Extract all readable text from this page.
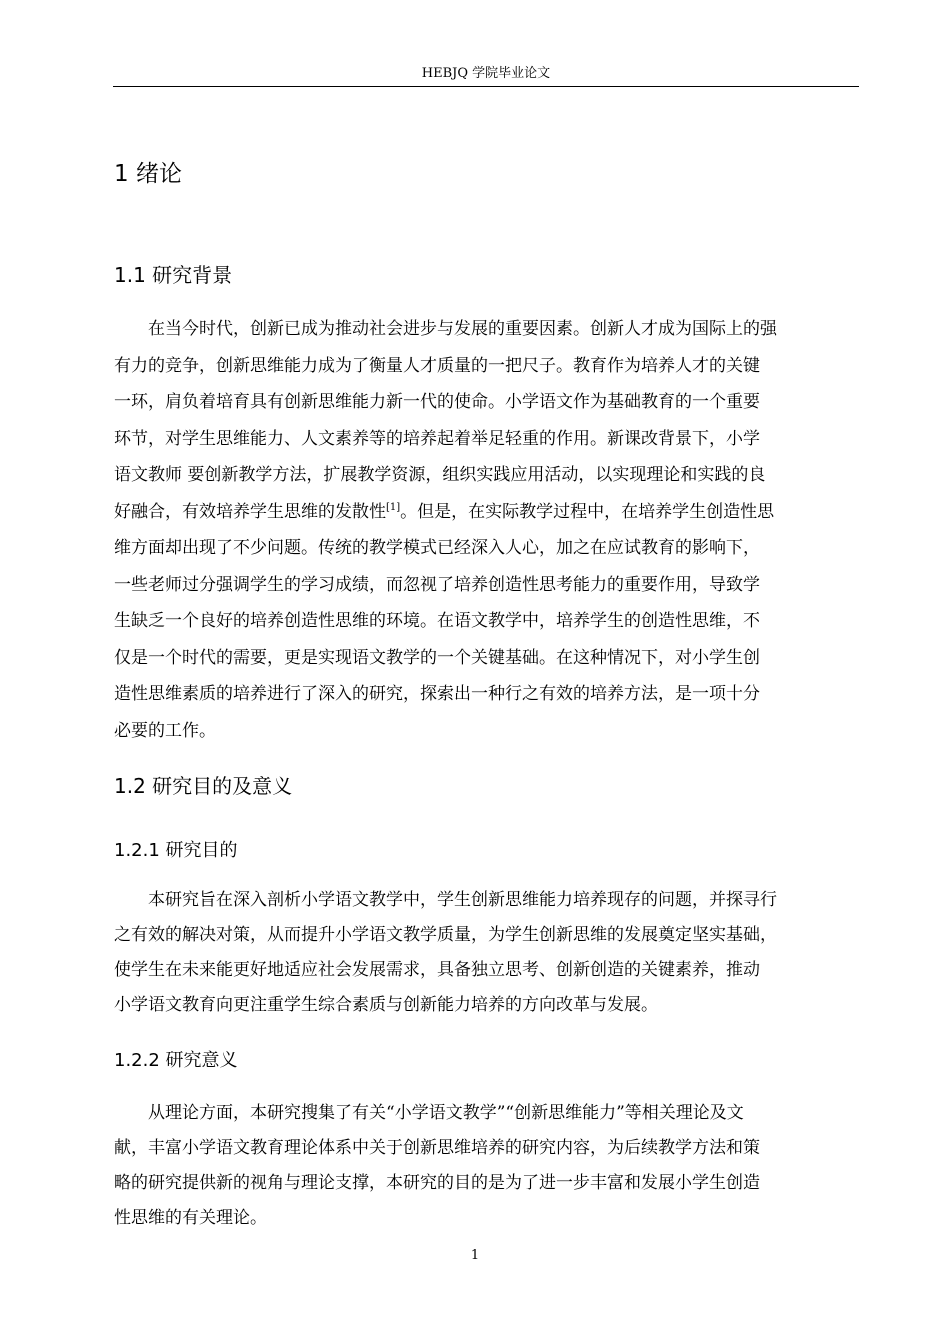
HEBJQ 学院毕业论文
1 绪论
1.1 研究背景
在当今时代，创新已成为推动社会进步与发展的重要因素。创新人才成为国际上的强
有力的竞争，创新思维能力成为了衡量人才质量的一把尺子。教育作为培养人才的关键
一环，肩负着培育具有创新思维能力新一代的使命。小学语文作为基础教育的一个重要
环节，对学生思维能力、人文素养等的培养起着举足轻重的作用。新课改背景下，小学
语文教师 要创新教学方法，扩展教学资源，组织实践应用活动，以实现理论和实践的良
好融合，有效培养学生思维的发散性[1]。但是，在实际教学过程中，在培养学生创造性思
维方面却出现了不少问题。传统的教学模式已经深入人心，加之在应试教育的影响下，
一些老师过分强调学生的学习成绩，而忽视了培养创造性思考能力的重要作用，导致学
生缺乏一个良好的培养创造性思维的环境。在语文教学中，培养学生的创造性思维，不
仅是一个时代的需要，更是实现语文教学的一个关键基础。在这种情况下，对小学生创
造性思维素质的培养进行了深入的研究，探索出一种行之有效的培养方法，是一项十分
必要的工作。
1.2 研究目的及意义
1.2.1 研究目的
本研究旨在深入剖析小学语文教学中，学生创新思维能力培养现存的问题，并探寻行
之有效的解决对策，从而提升小学语文教学质量，为学生创新思维的发展奠定坚实基础，
使学生在未来能更好地适应社会发展需求，具备独立思考、创新创造的关键素养，推动
小学语文教育向更注重学生综合素质与创新能力培养的方向改革与发展。
1.2.2 研究意义
从理论方面，本研究搜集了有关“小学语文教学”“创新思维能力”等相关理论及文
献，丰富小学语文教育理论体系中关于创新思维培养的研究内容，为后续教学方法和策
略的研究提供新的视角与理论支撑，本研究的目的是为了进一步丰富和发展小学生创造
性思维的有关理论。
1
